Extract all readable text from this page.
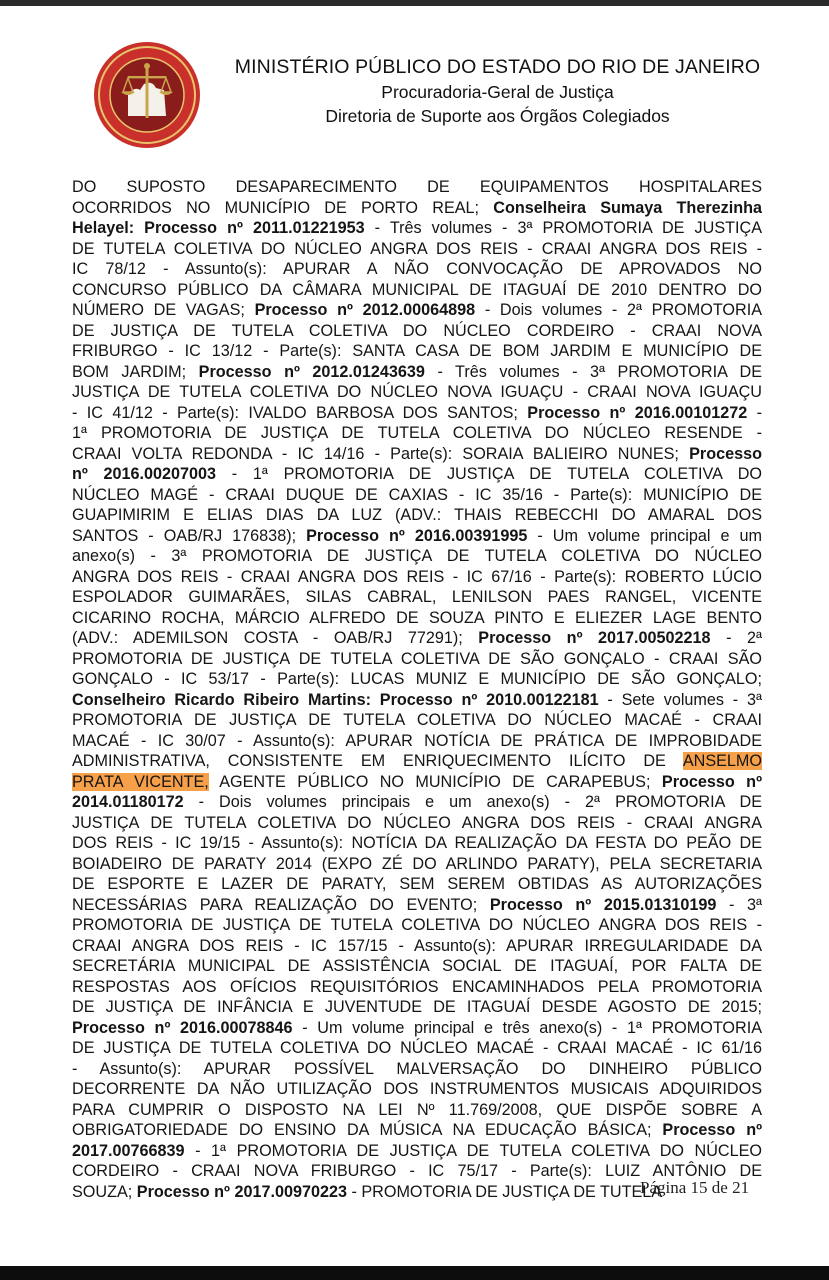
MINISTÉRIO PÚBLICO DO ESTADO DO RIO DE JANEIRO
Procuradoria-Geral de Justiça
Diretoria de Suporte aos Órgãos Colegiados
DO SUPOSTO DESAPARECIMENTO DE EQUIPAMENTOS HOSPITALARES
OCORRIDOS NO MUNICÍPIO DE PORTO REAL; Conselheira Sumaya Therezinha
Helayel: Processo nº 2011.01221953 - Três volumes - 3ª PROMOTORIA DE JUSTIÇA
DE TUTELA COLETIVA DO NÚCLEO ANGRA DOS REIS - CRAAI ANGRA DOS REIS -
IC 78/12 - Assunto(s): APURAR A NÃO CONVOCAÇÃO DE APROVADOS NO
CONCURSO PÚBLICO DA CÂMARA MUNICIPAL DE ITAGUAÍ DE 2010 DENTRO DO
NÚMERO DE VAGAS; Processo nº 2012.00064898 - Dois volumes - 2ª PROMOTORIA
DE JUSTIÇA DE TUTELA COLETIVA DO NÚCLEO CORDEIRO - CRAAI NOVA
FRIBURGO - IC 13/12 - Parte(s): SANTA CASA DE BOM JARDIM E MUNICÍPIO DE
BOM JARDIM; Processo nº 2012.01243639 - Três volumes - 3ª PROMOTORIA DE
JUSTIÇA DE TUTELA COLETIVA DO NÚCLEO NOVA IGUAÇU - CRAAI NOVA IGUAÇU
- IC 41/12 - Parte(s): IVALDO BARBOSA DOS SANTOS; Processo nº 2016.00101272 -
1ª PROMOTORIA DE JUSTIÇA DE TUTELA COLETIVA DO NÚCLEO RESENDE -
CRAAI VOLTA REDONDA - IC 14/16 - Parte(s): SORAIA BALIEIRO NUNES; Processo
nº 2016.00207003 - 1ª PROMOTORIA DE JUSTIÇA DE TUTELA COLETIVA DO
NÚCLEO MAGÉ - CRAAI DUQUE DE CAXIAS - IC 35/16 - Parte(s): MUNICÍPIO DE
GUAPIMIRIM E ELIAS DIAS DA LUZ (ADV.: THAIS REBECCHI DO AMARAL DOS
SANTOS - OAB/RJ 176838); Processo nº 2016.00391995 - Um volume principal e um
anexo(s) - 3ª PROMOTORIA DE JUSTIÇA DE TUTELA COLETIVA DO NÚCLEO
ANGRA DOS REIS - CRAAI ANGRA DOS REIS - IC 67/16 - Parte(s): ROBERTO LÚCIO
ESPOLADOR GUIMARÃES, SILAS CABRAL, LENILSON PAES RANGEL, VICENTE
CICARINO ROCHA, MÁRCIO ALFREDO DE SOUZA PINTO E ELIEZER LAGE BENTO
(ADV.: ADEMILSON COSTA - OAB/RJ 77291); Processo nº 2017.00502218 - 2ª
PROMOTORIA DE JUSTIÇA DE TUTELA COLETIVA DE SÃO GONÇALO - CRAAI SÃO
GONÇALO - IC 53/17 - Parte(s): LUCAS MUNIZ E MUNICÍPIO DE SÃO GONÇALO;
Conselheiro Ricardo Ribeiro Martins: Processo nº 2010.00122181 - Sete volumes - 3ª
PROMOTORIA DE JUSTIÇA DE TUTELA COLETIVA DO NÚCLEO MACAÉ - CRAAI
MACAÉ - IC 30/07 - Assunto(s): APURAR NOTÍCIA DE PRÁTICA DE IMPROBIDADE
ADMINISTRATIVA, CONSISTENTE EM ENRIQUECIMENTO ILÍCITO DE ANSELMO
PRATA VICENTE, AGENTE PÚBLICO NO MUNICÍPIO DE CARAPEBUS; Processo nº
2014.01180172 - Dois volumes principais e um anexo(s) - 2ª PROMOTORIA DE
JUSTIÇA DE TUTELA COLETIVA DO NÚCLEO ANGRA DOS REIS - CRAAI ANGRA
DOS REIS - IC 19/15 - Assunto(s): NOTÍCIA DA REALIZAÇÃO DA FESTA DO PEÃO DE
BOIADEIRO DE PARATY 2014 (EXPO ZÉ DO ARLINDO PARATY), PELA SECRETARIA
DE ESPORTE E LAZER DE PARATY, SEM SEREM OBTIDAS AS AUTORIZAÇÕES
NECESSÁRIAS PARA REALIZAÇÃO DO EVENTO; Processo nº 2015.01310199 - 3ª
PROMOTORIA DE JUSTIÇA DE TUTELA COLETIVA DO NÚCLEO ANGRA DOS REIS -
CRAAI ANGRA DOS REIS - IC 157/15 - Assunto(s): APURAR IRREGULARIDADE DA
SECRETÁRIA MUNICIPAL DE ASSISTÊNCIA SOCIAL DE ITAGUAÍ, POR FALTA DE
RESPOSTAS AOS OFÍCIOS REQUISITÓRIOS ENCAMINHADOS PELA PROMOTORIA
DE JUSTIÇA DE INFÂNCIA E JUVENTUDE DE ITAGUAÍ DESDE AGOSTO DE 2015;
Processo nº 2016.00078846 - Um volume principal e três anexo(s) - 1ª PROMOTORIA
DE JUSTIÇA DE TUTELA COLETIVA DO NÚCLEO MACAÉ - CRAAI MACAÉ - IC 61/16
- Assunto(s): APURAR POSSÍVEL MALVERSAÇÃO DO DINHEIRO PÚBLICO
DECORRENTE DA NÃO UTILIZAÇÃO DOS INSTRUMENTOS MUSICAIS ADQUIRIDOS
PARA CUMPRIR O DISPOSTO NA LEI Nº 11.769/2008, QUE DISPÕE SOBRE A
OBRIGATORIEDADE DO ENSINO DA MÚSICA NA EDUCAÇÃO BÁSICA; Processo nº
2017.00766839 - 1ª PROMOTORIA DE JUSTIÇA DE TUTELA COLETIVA DO NÚCLEO
CORDEIRO - CRAAI NOVA FRIBURGO - IC 75/17 - Parte(s): LUIZ ANTÔNIO DE
SOUZA; Processo nº 2017.00970223 - PROMOTORIA DE JUSTIÇA DE TUTELA
Página 15 de 21
